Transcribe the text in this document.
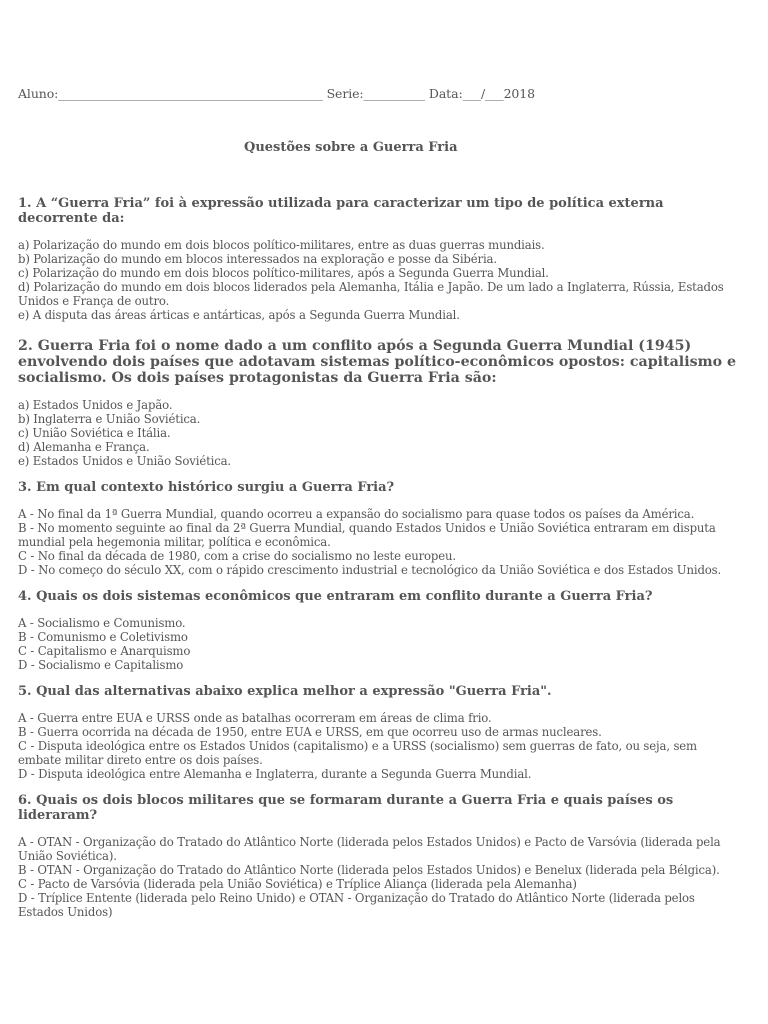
Aluno:___________________________________________ Serie:__________ Data:___/___2018
Questões sobre a Guerra Fria

1. A “Guerra Fria” foi à expressão utilizada para caracterizar um tipo de política externa decorrente da:

a) Polarização do mundo em dois blocos político-militares, entre as duas guerras mundiais.

b) Polarização do mundo em blocos interessados na exploração e posse da Sibéria.

c) Polarização do mundo em dois blocos político-militares, após a Segunda Guerra Mundial.

d) Polarização do mundo em dois blocos liderados pela Alemanha, Itália e Japão. De um lado a Inglaterra, Rússia, Estados Unidos e França de outro.

e) A disputa das áreas árticas e antárticas, após a Segunda Guerra Mundial.

2. Guerra Fria foi o nome dado a um conflito após a Segunda Guerra Mundial (1945) envolvendo dois países que adotavam sistemas político-econômicos opostos: capitalismo e socialismo. Os dois países protagonistas da Guerra Fria são:

a) Estados Unidos e Japão.

b) Inglaterra e União Soviética.

c) União Soviética e Itália.

d) Alemanha e França.

e) Estados Unidos e União Soviética.

3. Em qual contexto histórico surgiu a Guerra Fria?

A - No final da 1ª Guerra Mundial, quando ocorreu a expansão do socialismo para quase todos os países da América.

B - No momento seguinte ao final da 2ª Guerra Mundial, quando Estados Unidos e União Soviética entraram em disputa mundial pela hegemonia militar, política e econômica.

C - No final da década de 1980, com a crise do socialismo no leste europeu.

D - No começo do século XX, com o rápido crescimento industrial e tecnológico da União Soviética e dos Estados Unidos.

4. Quais os dois sistemas econômicos que entraram em conflito durante a Guerra Fria?

A - Socialismo e Comunismo.

B - Comunismo e Coletivismo

C - Capitalismo e Anarquismo

D - Socialismo e Capitalismo

5. Qual das alternativas abaixo explica melhor a expressão "Guerra Fria".

A - Guerra entre EUA e URSS onde as batalhas ocorreram em áreas de clima frio.

B - Guerra ocorrida na década de 1950, entre EUA e URSS, em que ocorreu uso de armas nucleares.

C - Disputa ideológica entre os Estados Unidos (capitalismo) e a URSS (socialismo) sem guerras de fato, ou seja, sem embate militar direto entre os dois países.

D - Disputa ideológica entre Alemanha e Inglaterra, durante a Segunda Guerra Mundial.

6. Quais os dois blocos militares que se formaram durante a Guerra Fria e quais países os lideraram?

A - OTAN - Organização do Tratado do Atlântico Norte (liderada pelos Estados Unidos) e Pacto de Varsóvia (liderada pela União Soviética).

B - OTAN - Organização do Tratado do Atlântico Norte (liderada pelos Estados Unidos) e Benelux (liderada pela Bélgica).

C - Pacto de Varsóvia (liderada pela União Soviética) e Tríplice Aliança (liderada pela Alemanha)

D - Tríplice Entente (liderada pelo Reino Unido) e OTAN - Organização do Tratado do Atlântico Norte (liderada pelos Estados Unidos)
